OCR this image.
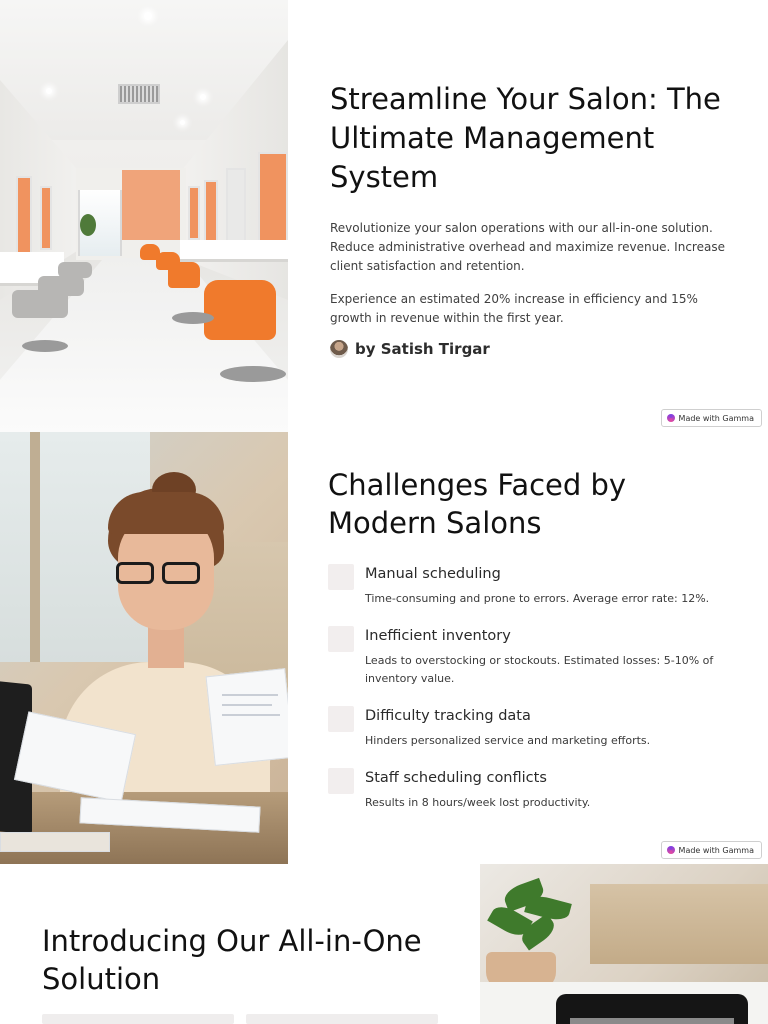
Streamline Your Salon: The Ultimate Management System

Revolutionize your salon operations with our all-in-one solution. Reduce administrative overhead and maximize revenue. Increase client satisfaction and retention.

Experience an estimated 20% increase in efficiency and 15% growth in revenue within the first year.

by Satish Tirgar
Made with Gamma
Challenges Faced by Modern Salons
Manual scheduling
Time-consuming and prone to errors. Average error rate: 12%.
Inefficient inventory
Leads to overstocking or stockouts. Estimated losses: 5-10% of inventory value.
Difficulty tracking data
Hinders personalized service and marketing efforts.
Staff scheduling conflicts
Results in 8 hours/week lost productivity.
Made with Gamma
Introducing Our All-in-One Solution
